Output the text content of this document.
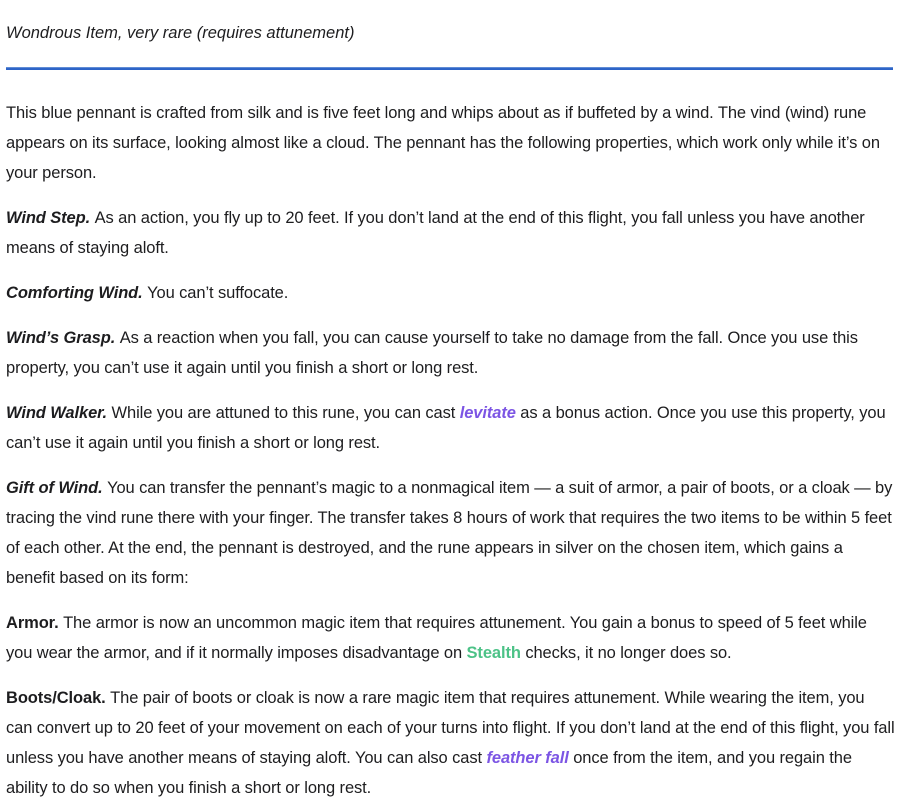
Wondrous Item, very rare (requires attunement)

This blue pennant is crafted from silk and is five feet long and whips about as if buffeted by a wind. The vind (wind) rune appears on its surface, looking almost like a cloud. The pennant has the following properties, which work only while it’s on your person.

Wind Step. As an action, you fly up to 20 feet. If you don’t land at the end of this flight, you fall unless you have another means of staying aloft.

Comforting Wind. You can’t suffocate.

Wind’s Grasp. As a reaction when you fall, you can cause yourself to take no damage from the fall. Once you use this property, you can’t use it again until you finish a short or long rest.

Wind Walker. While you are attuned to this rune, you can cast levitate as a bonus action. Once you use this property, you can’t use it again until you finish a short or long rest.

Gift of Wind. You can transfer the pennant’s magic to a nonmagical item — a suit of armor, a pair of boots, or a cloak — by tracing the vind rune there with your finger. The transfer takes 8 hours of work that requires the two items to be within 5 feet of each other. At the end, the pennant is destroyed, and the rune appears in silver on the chosen item, which gains a benefit based on its form:

Armor. The armor is now an uncommon magic item that requires attunement. You gain a bonus to speed of 5 feet while you wear the armor, and if it normally imposes disadvantage on Stealth checks, it no longer does so.

Boots/Cloak. The pair of boots or cloak is now a rare magic item that requires attunement. While wearing the item, you can convert up to 20 feet of your movement on each of your turns into flight. If you don’t land at the end of this flight, you fall unless you have another means of staying aloft. You can also cast feather fall once from the item, and you regain the ability to do so when you finish a short or long rest.
